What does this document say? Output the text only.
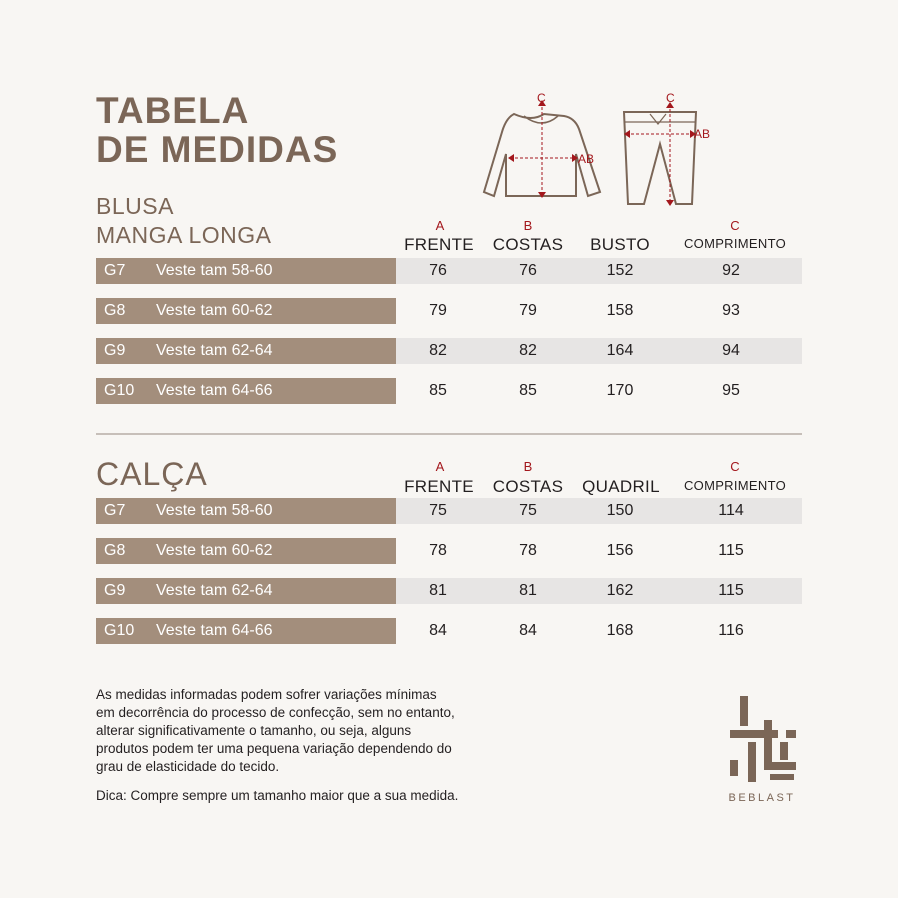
TABELA
DE MEDIDAS
C
AB
C
AB
BLUSA
MANGA LONGA	A	B	C
FRENTE	COSTAS	BUSTO	COMPRIMENTO
G7 Veste tam 58-60	76	76	152	92
G8 Veste tam 60-62	79	79	158	93
G9 Veste tam 62-64	82	82	164	94
G10 Veste tam 64-66	85	85	170	95
CALÇA	A	B	C
FRENTE	COSTAS	QUADRIL	COMPRIMENTO
G7 Veste tam 58-60	75	75	150	114
G8 Veste tam 60-62	78	78	156	115
G9 Veste tam 62-64	81	81	162	115
G10 Veste tam 64-66	84	84	168	116
As medidas informadas podem sofrer variações mínimas
em decorrência do processo de confecção, sem no entanto,
alterar significativamente o tamanho, ou seja, alguns
produtos podem ter uma pequena variação dependendo do
grau de elasticidade do tecido.
Dica: Compre sempre um tamanho maior que a sua medida.	BEBLAST
